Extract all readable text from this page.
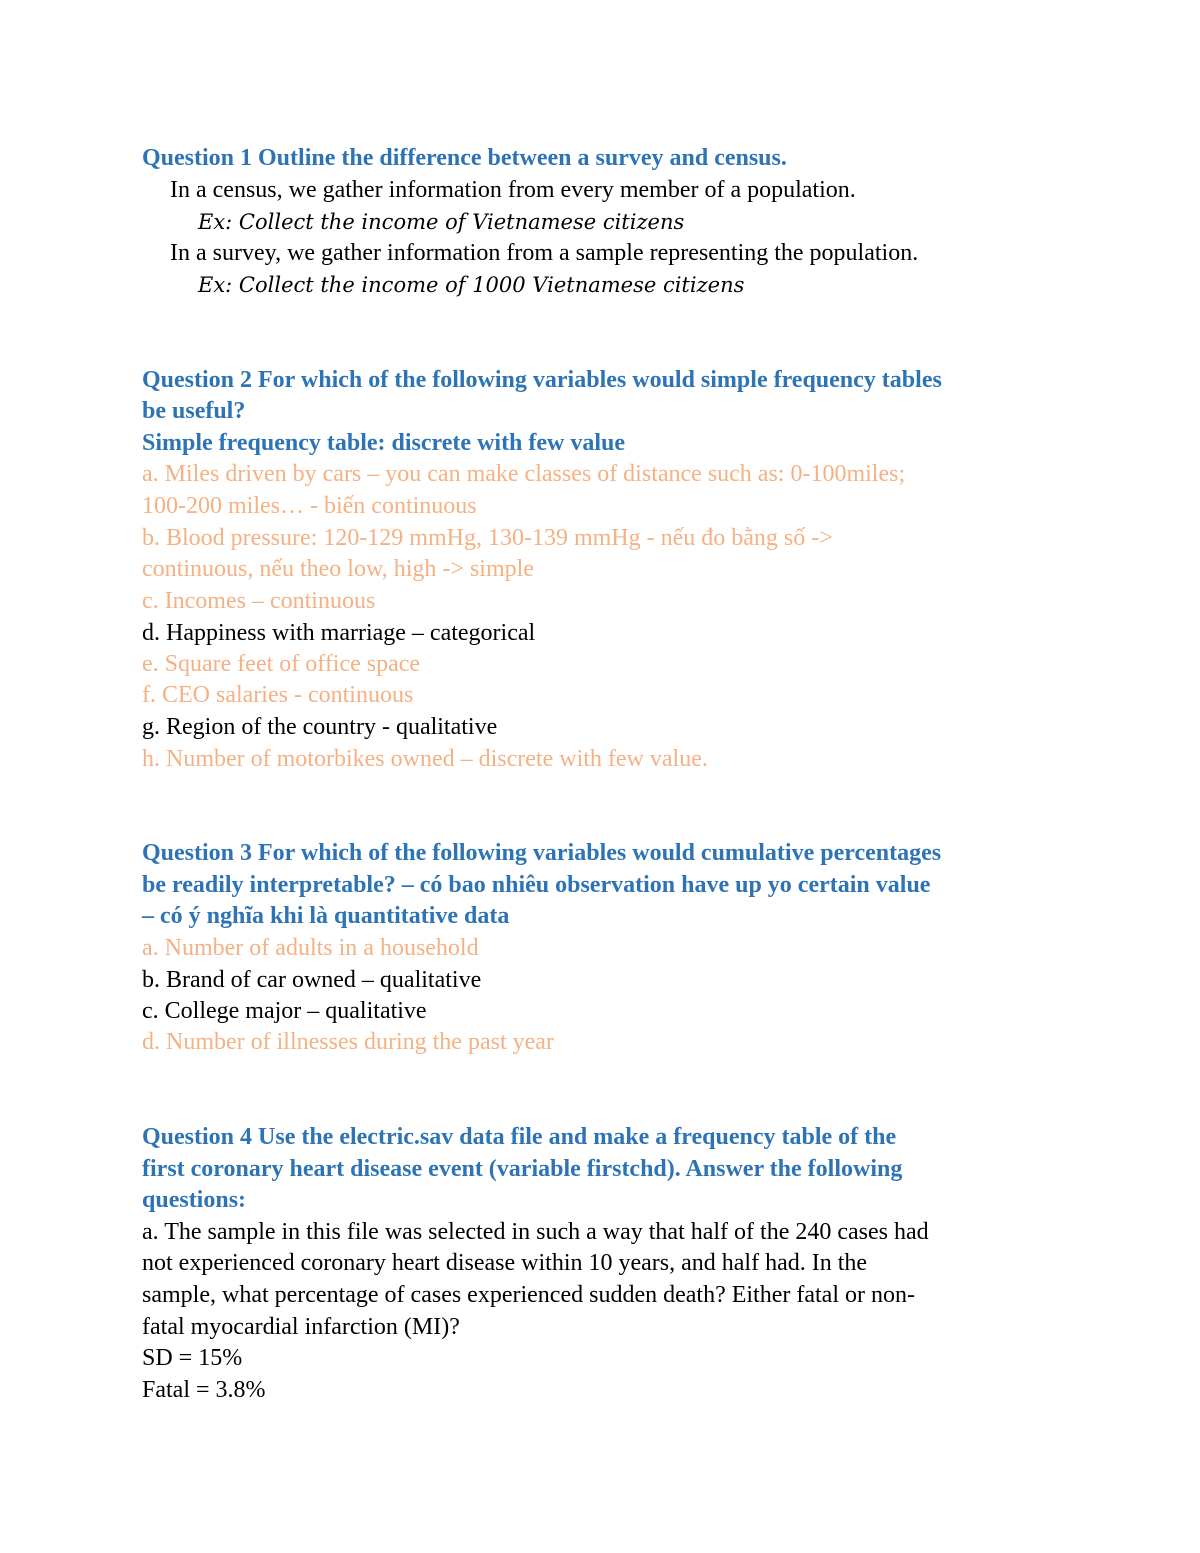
Question 1 Outline the difference between a survey and census.
In a census, we gather information from every member of a population.
Ex: Collect the income of Vietnamese citizens
In a survey, we gather information from a sample representing the population.
Ex: Collect the income of 1000 Vietnamese citizens
Question 2 For which of the following variables would simple frequency tables
be useful?
Simple frequency table: discrete with few value
a. Miles driven by cars – you can make classes of distance such as: 0-100miles;
100-200 miles… - biến continuous
b. Blood pressure: 120-129 mmHg, 130-139 mmHg - nếu đo bằng số ->
continuous, nếu theo low, high -> simple
c. Incomes – continuous
d. Happiness with marriage – categorical
e. Square feet of office space
f. CEO salaries - continuous
g. Region of the country - qualitative
h. Number of motorbikes owned – discrete with few value.
Question 3 For which of the following variables would cumulative percentages
be readily interpretable? – có bao nhiêu observation have up yo certain value
– có ý nghĩa khi là quantitative data
a. Number of adults in a household
b. Brand of car owned – qualitative
c. College major – qualitative
d. Number of illnesses during the past year
Question 4 Use the electric.sav data file and make a frequency table of the
first coronary heart disease event (variable firstchd). Answer the following
questions:
a. The sample in this file was selected in such a way that half of the 240 cases had
not experienced coronary heart disease within 10 years, and half had. In the
sample, what percentage of cases experienced sudden death? Either fatal or non-
fatal myocardial infarction (MI)?
SD = 15%
Fatal = 3.8%
